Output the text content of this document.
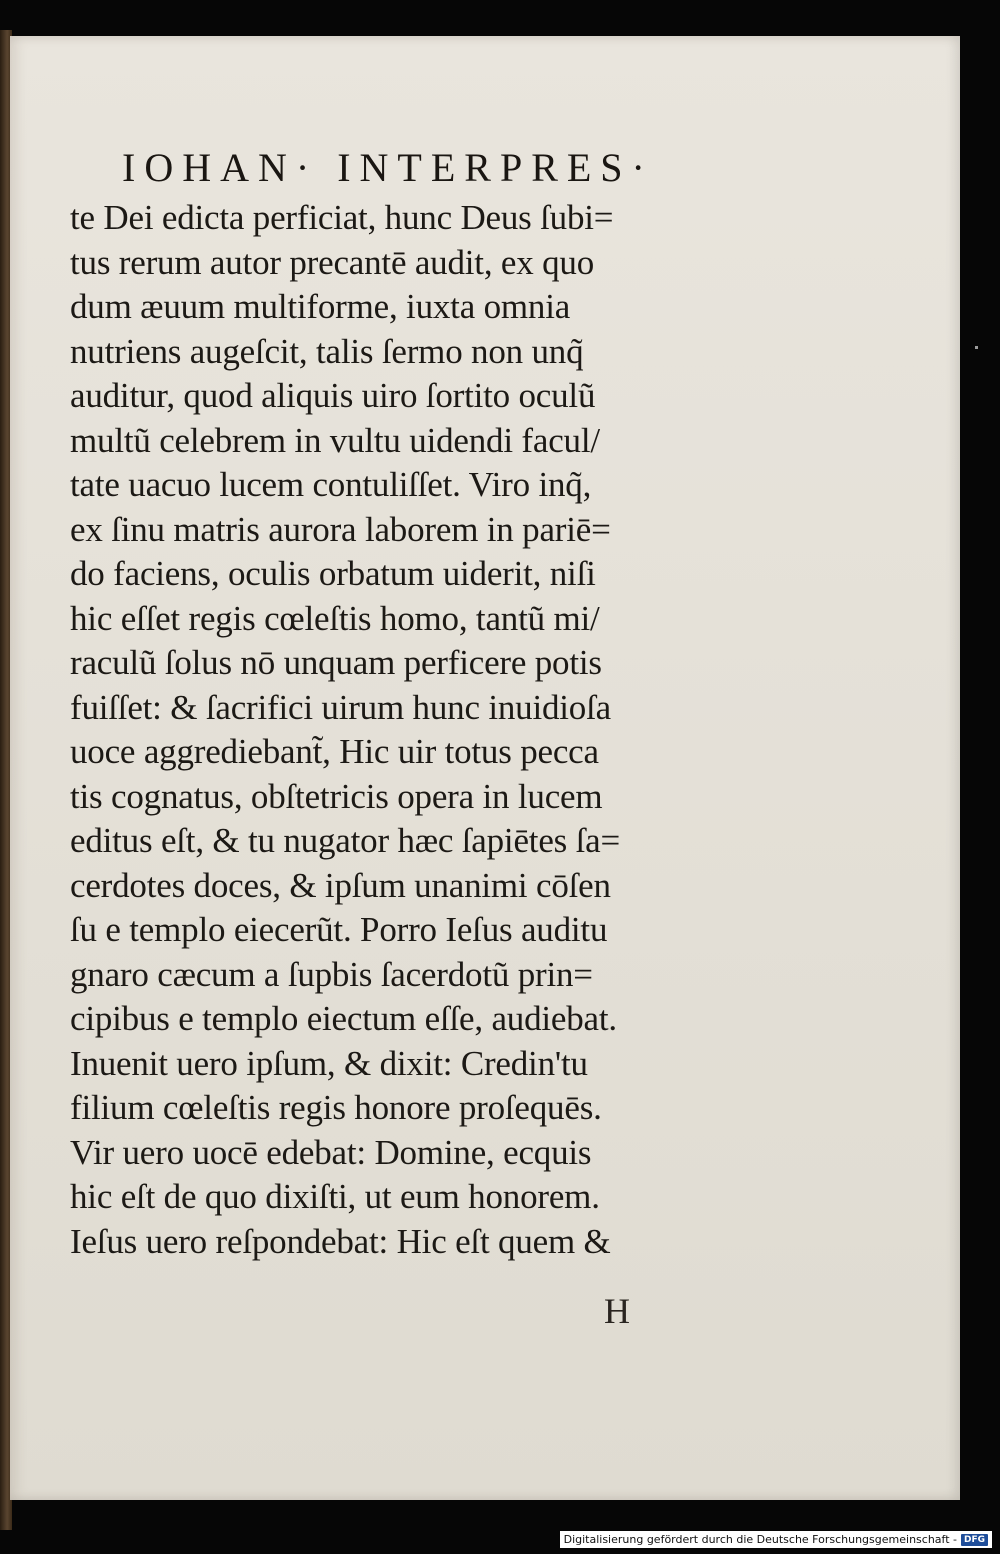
IOHAN· INTERPRES·
te Dei edicta perficiat, hunc Deus ſubi=
tus rerum autor precantē audit, ex quo
dum æuum multiforme, iuxta omnia
nutriens augeſcit, talis ſermo non unq̃
auditur, quod aliquis uiro ſortito oculũ
multũ celebrem in vultu uidendi facul/
tate uacuo lucem contuliſſet. Viro inq̃,
ex ſinu matris aurora laborem in pariē=
do faciens, oculis orbatum uiderit, niſi
hic eſſet regis cœleſtis homo, tantũ mi/
raculũ ſolus nō unquam perficere potis
fuiſſet: & ſacrifici uirum hunc inuidioſa
uoce aggrediebant̃, Hic uir totus pecca
tis cognatus, obſtetricis opera in lucem
editus eſt, & tu nugator hæc ſapiētes ſa=
cerdotes doces, & ipſum unanimi cōſen
ſu e templo eiecerũt. Porro Ieſus auditu
gnaro cæcum a ſupbis ſacerdotũ prin=
cipibus e templo eiectum eſſe, audiebat.
Inuenit uero ipſum, & dixit: Credin'tu
filium cœleſtis regis honore proſequēs.
Vir uero uocē edebat: Domine, ecquis
hic eſt de quo dixiſti, ut eum honorem.
Ieſus uero reſpondebat: Hic eſt quem &
H
Digitalisierung gefördert durch die Deutsche Forschungsgemeinschaft - DFG
